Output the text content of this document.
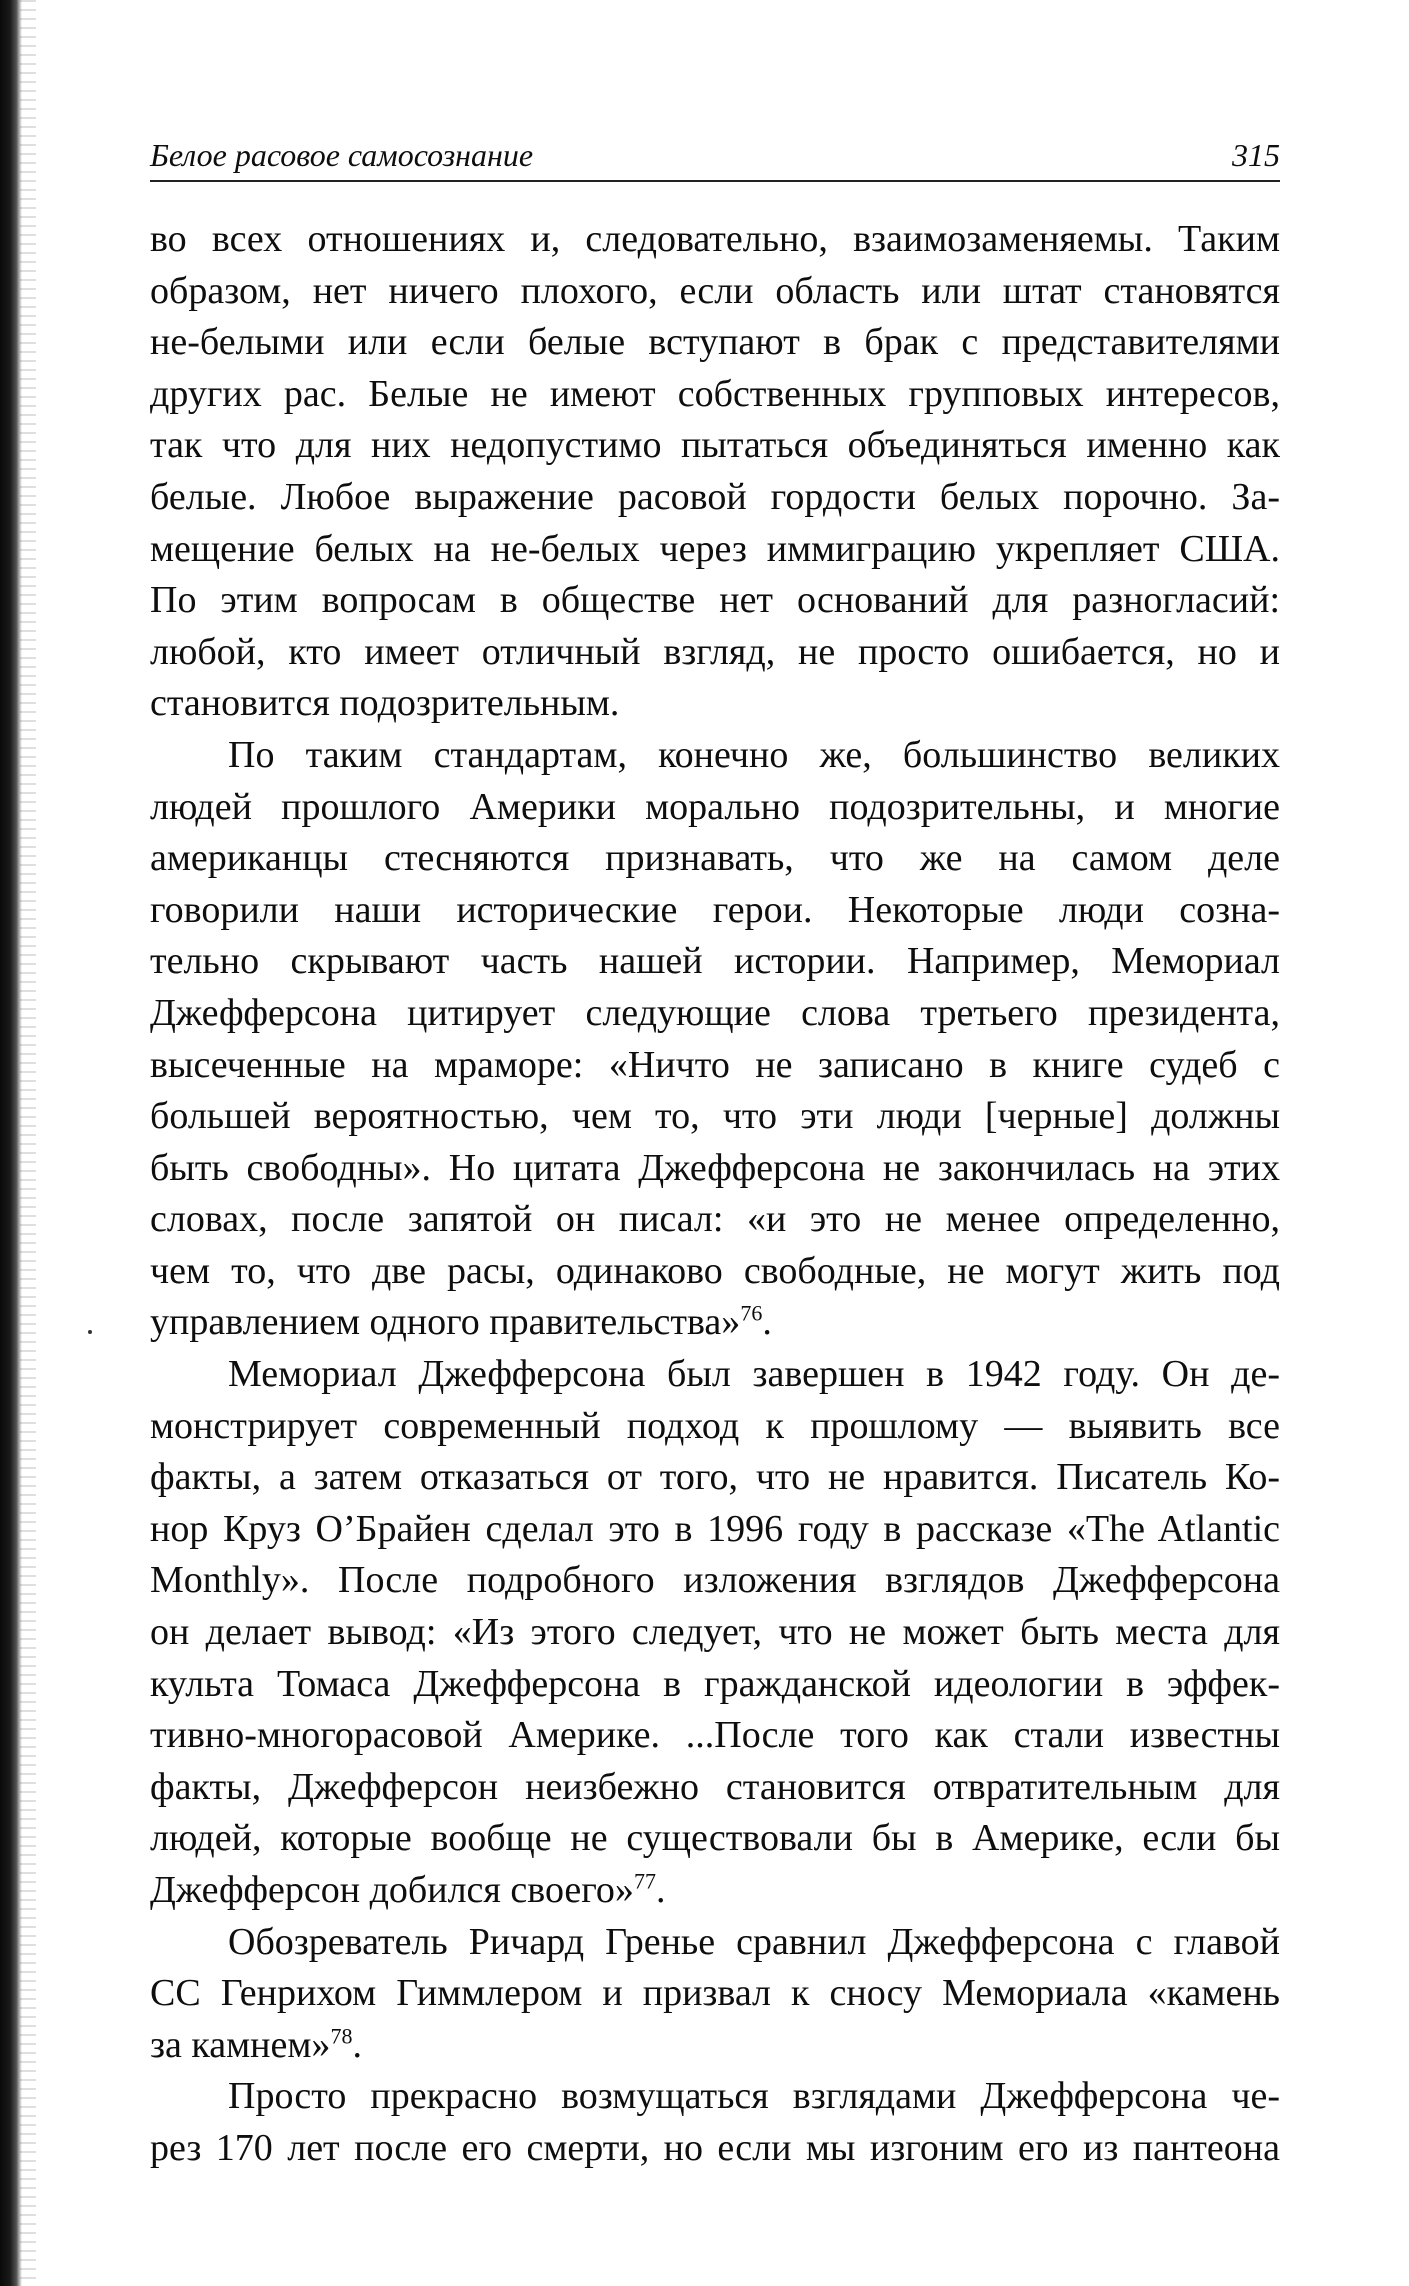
Белое расовое самосознание	315
во всех отношениях и, следовательно, взаимозаменяемы. Таким
образом, нет ничего плохого, если область или штат становятся
не-белыми или если белые вступают в брак с представителями
других рас. Белые не имеют собственных групповых интересов,
так что для них недопустимо пытаться объединяться именно как
белые. Любое выражение расовой гордости белых порочно. За-
мещение белых на не-белых через иммиграцию укрепляет США.
По этим вопросам в обществе нет оснований для разногласий:
любой, кто имеет отличный взгляд, не просто ошибается, но и
становится подозрительным.
По таким стандартам, конечно же, большинство великих
людей прошлого Америки морально подозрительны, и многие
американцы стесняются признавать, что же на самом деле
говорили наши исторические герои. Некоторые люди созна-
тельно скрывают часть нашей истории. Например, Мемориал
Джефферсона цитирует следующие слова третьего президента,
высеченные на мраморе: «Ничто не записано в книге судеб с
большей вероятностью, чем то, что эти люди [черные] должны
быть свободны». Но цитата Джефферсона не закончилась на этих
словах, после запятой он писал: «и это не менее определенно,
чем то, что две расы, одинаково свободные, не могут жить под
управлением одного правительства»$^{76}$.
Мемориал Джефферсона был завершен в 1942 году. Он де-
монстрирует современный подход к прошлому — выявить все
факты, а затем отказаться от того, что не нравится. Писатель Ко-
нор Круз О’Брайен сделал это в 1996 году в рассказе «The Atlantic
Monthly». После подробного изложения взглядов Джефферсона
он делает вывод: «Из этого следует, что не может быть места для
культа Томаса Джефферсона в гражданской идеологии в эффек-
тивно-многорасовой Америке. ...После того как стали известны
факты, Джефферсон неизбежно становится отвратительным для
людей, которые вообще не существовали бы в Америке, если бы
Джефферсон добился своего»$^{77}$.
Обозреватель Ричард Гренье сравнил Джефферсона с главой
СС Генрихом Гиммлером и призвал к сносу Мемориала «камень
за камнем»$^{78}$.
Просто прекрасно возмущаться взглядами Джефферсона че-
рез 170 лет после его смерти, но если мы изгоним его из пантеона
